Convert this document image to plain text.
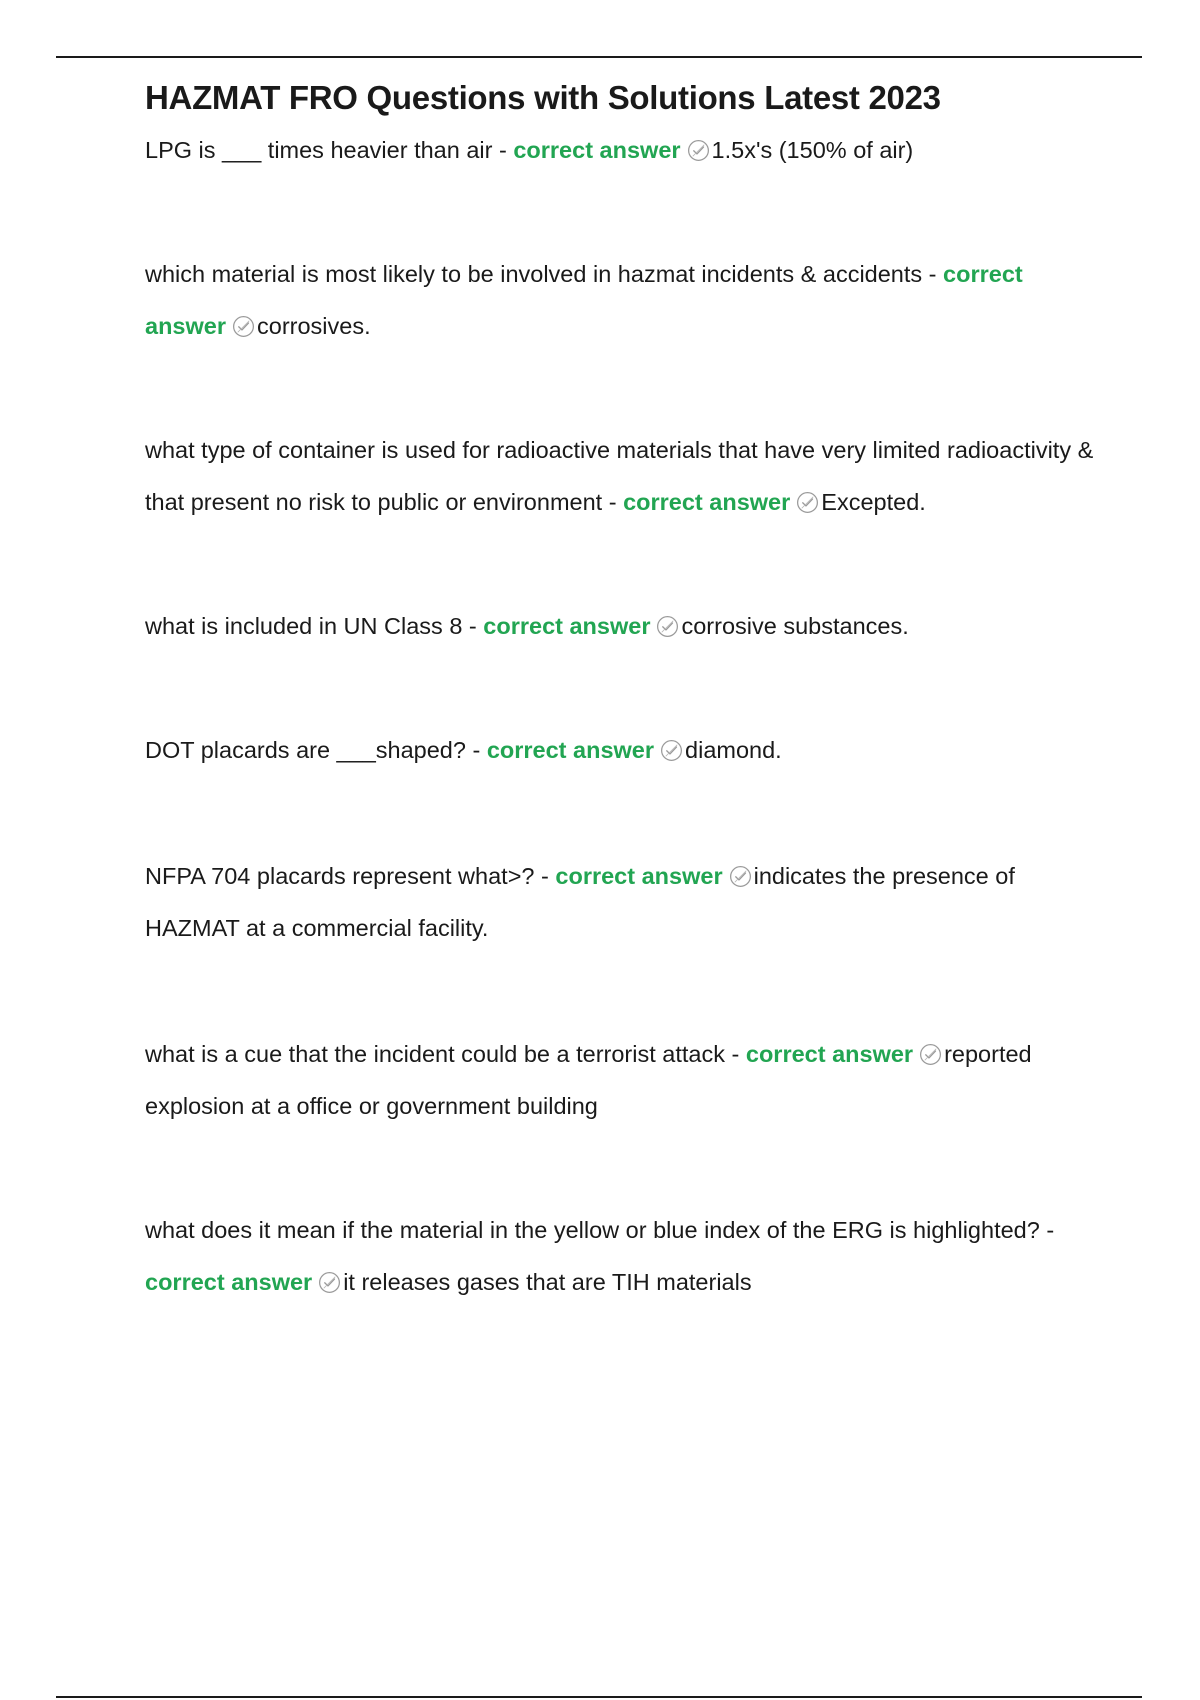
HAZMAT FRO Questions with Solutions Latest 2023

LPG is ___ times heavier than air - correct answer 1.5x's (150% of air)

which material is most likely to be involved in hazmat incidents & accidents - correct answer corrosives.

what type of container is used for radioactive materials that have very limited radioactivity & that present no risk to public or environment - correct answer Excepted.

what is included in UN Class 8 - correct answer corrosive substances.

DOT placards are ___shaped? - correct answer diamond.

NFPA 704 placards represent what>? - correct answer indicates the presence of HAZMAT at a commercial facility.

what is a cue that the incident could be a terrorist attack - correct answer reported explosion at a office or government building

what does it mean if the material in the yellow or blue index of the ERG is highlighted? - correct answer it releases gases that are TIH materials
